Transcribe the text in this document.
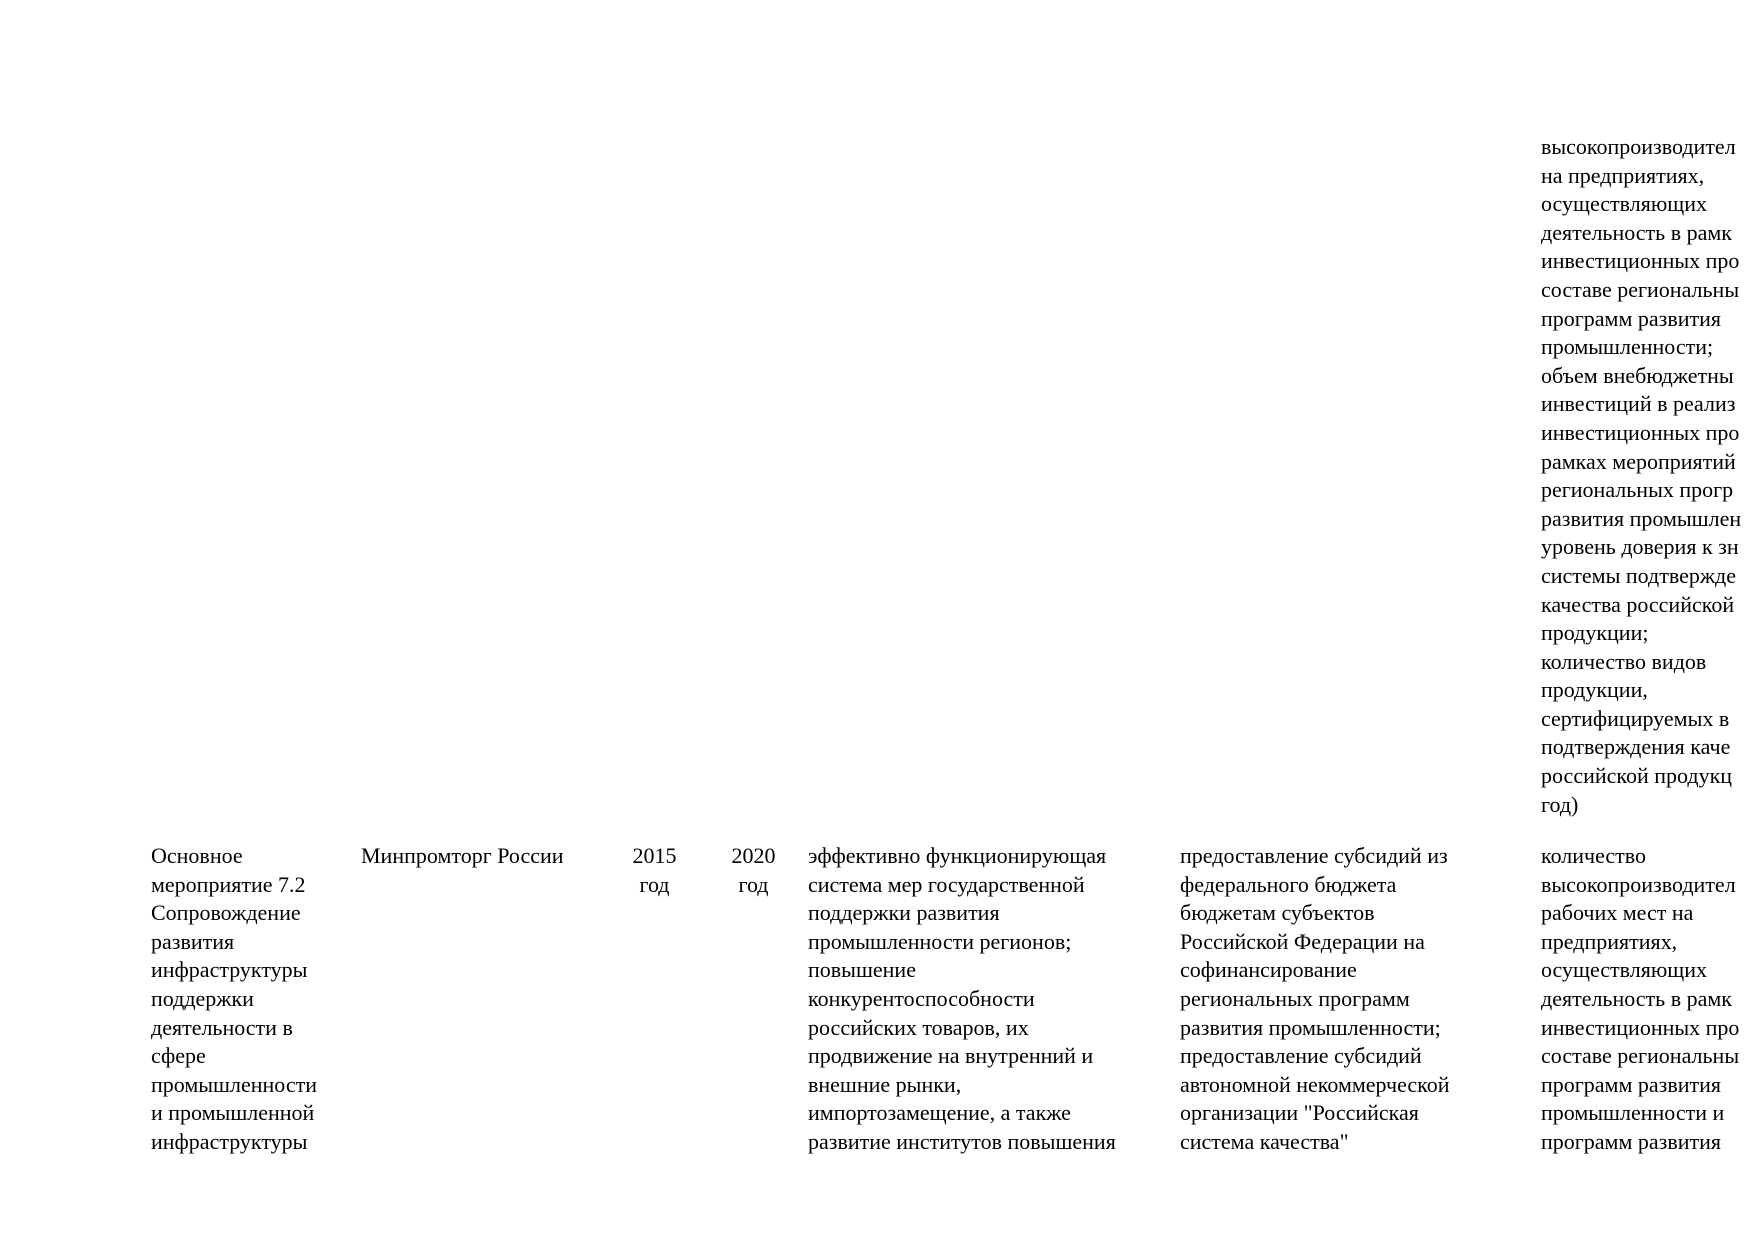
высокопроизводител
на предприятиях,
осуществляющих
деятельность в рамк
инвестиционных про
составе региональны
программ развития
промышленности;
объем внебюджетны
инвестиций в реализ
инвестиционных про
рамках мероприятий
региональных прогр
развития промышлен
уровень доверия к зн
системы подтвержде
качества российской
продукции;
количество видов
продукции,
сертифицируемых в
подтверждения каче
российской продукц
год)
Основное
мероприятие 7.2
Сопровождение
развития
инфраструктуры
поддержки
деятельности в
сфере
промышленности
и промышленной
инфраструктуры
Минпромторг России	2015
год
2020
год
эффективно функционирующая
система мер государственной
поддержки развития
промышленности регионов;
повышение
конкурентоспособности
российских товаров, их
продвижение на внутренний и
внешние рынки,
импортозамещение, а также
развитие институтов повышения
предоставление субсидий из
федерального бюджета
бюджетам субъектов
Российской Федерации на
софинансирование
региональных программ
развития промышленности;
предоставление субсидий
автономной некоммерческой
организации "Российская
система качества"
количество
высокопроизводител
рабочих мест на
предприятиях,
осуществляющих
деятельность в рамк
инвестиционных про
составе региональны
программ развития
промышленности и
программ развития
